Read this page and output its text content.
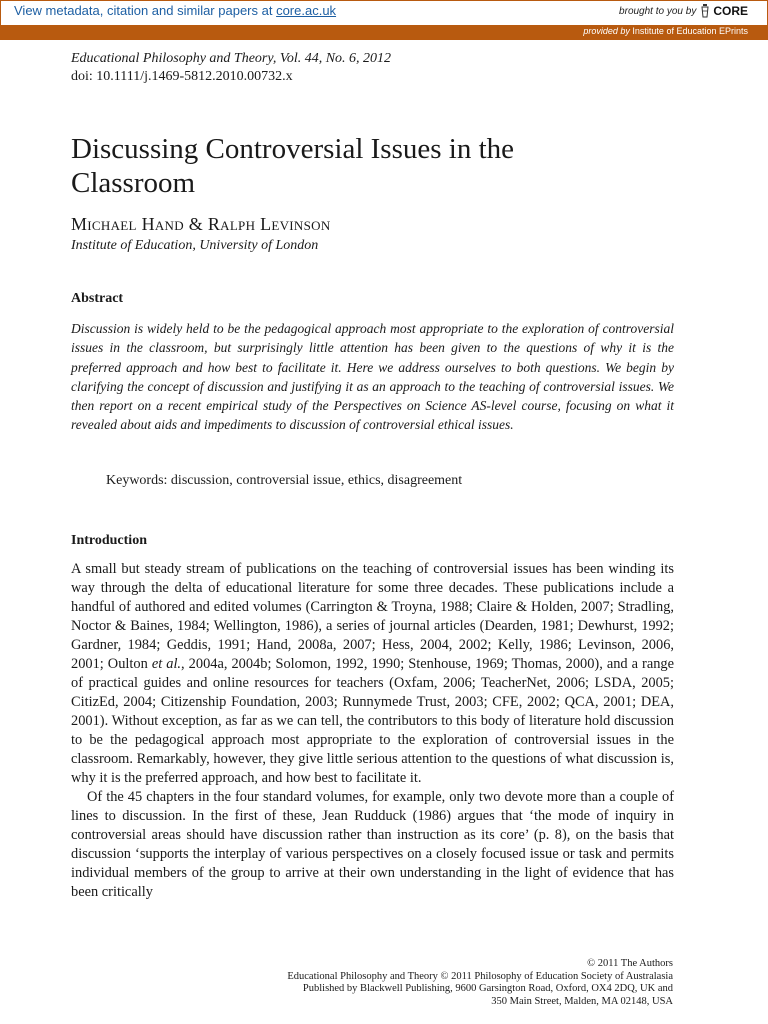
View metadata, citation and similar papers at core.ac.uk	brought to you by CORE
provided by Institute of Education EPrints
Educational Philosophy and Theory, Vol. 44, No. 6, 2012
doi: 10.1111/j.1469-5812.2010.00732.x
Discussing Controversial Issues in the Classroom
Michael Hand & Ralph Levinson
Institute of Education, University of London
Abstract

Discussion is widely held to be the pedagogical approach most appropriate to the exploration of controversial issues in the classroom, but surprisingly little attention has been given to the questions of why it is the preferred approach and how best to facilitate it. Here we address ourselves to both questions. We begin by clarifying the concept of discussion and justifying it as an approach to the teaching of controversial issues. We then report on a recent empirical study of the Perspectives on Science AS-level course, focusing on what it revealed about aids and impediments to discussion of controversial ethical issues.

Keywords: discussion, controversial issue, ethics, disagreement
Introduction

A small but steady stream of publications on the teaching of controversial issues has been winding its way through the delta of educational literature for some three decades. These publications include a handful of authored and edited volumes (Carrington & Troyna, 1988; Claire & Holden, 2007; Stradling, Noctor & Baines, 1984; Wellington, 1986), a series of journal articles (Dearden, 1981; Dewhurst, 1992; Gardner, 1984; Geddis, 1991; Hand, 2008a, 2007; Hess, 2004, 2002; Kelly, 1986; Levinson, 2006, 2001; Oulton et al., 2004a, 2004b; Solomon, 1992, 1990; Stenhouse, 1969; Thomas, 2000), and a range of practical guides and online resources for teachers (Oxfam, 2006; TeacherNet, 2006; LSDA, 2005; CitizEd, 2004; Citizenship Foundation, 2003; Runnymede Trust, 2003; CFE, 2002; QCA, 2001; DEA, 2001). Without exception, as far as we can tell, the contributors to this body of literature hold discussion to be the pedagogical approach most appropriate to the exploration of controversial issues in the classroom. Remarkably, however, they give little serious attention to the questions of what discussion is, why it is the preferred approach, and how best to facilitate it.

Of the 45 chapters in the four standard volumes, for example, only two devote more than a couple of lines to discussion. In the first of these, Jean Rudduck (1986) argues that ‘the mode of inquiry in controversial areas should have discussion rather than instruction as its core’ (p. 8), on the basis that discussion ‘supports the interplay of various perspectives on a closely focused issue or task and permits individual members of the group to arrive at their own understanding in the light of evidence that has been critically

© 2011 The Authors
Educational Philosophy and Theory © 2011 Philosophy of Education Society of Australasia
Published by Blackwell Publishing, 9600 Garsington Road, Oxford, OX4 2DQ, UK and
350 Main Street, Malden, MA 02148, USA
